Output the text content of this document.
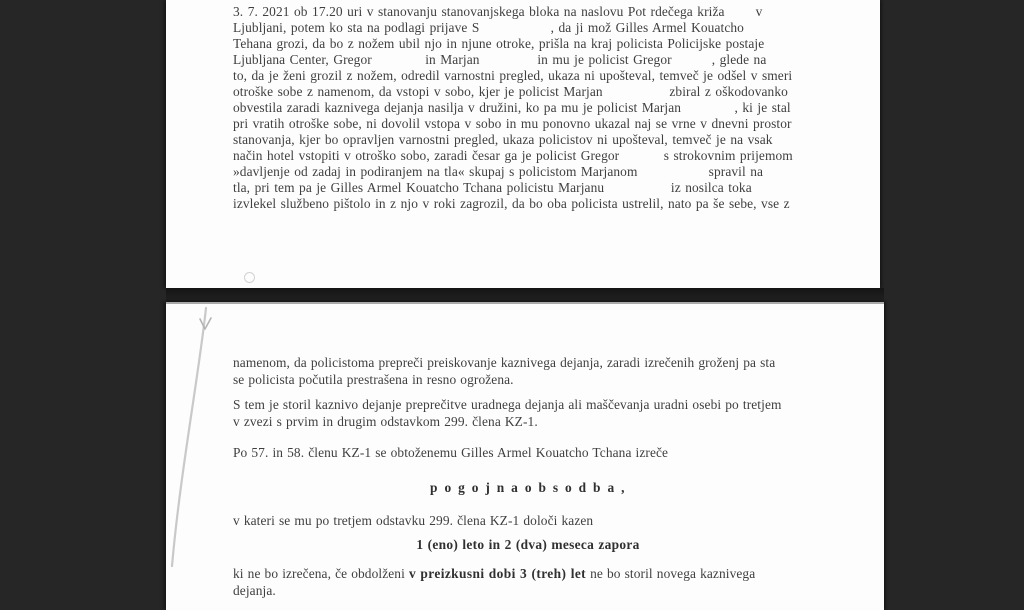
3. 7. 2021 ob 17.20 uri v stanovanju stanovanjskega bloka na naslovu Pot rdečega križa       v
Ljubljani, potem ko sta na podlagi prijave S                , da ji mož Gilles Armel Kouatcho
Tehana grozi, da bo z nožem ubil njo in njune otroke, prišla na kraj policista Policijske postaje
Ljubljana Center, Gregor            in Marjan             in mu je policist Gregor         , glede na
to, da je ženi grozil z nožem, odredil varnostni pregled, ukaza ni upošteval, temveč je odšel v smeri
otroške sobe z namenom, da vstopi v sobo, kjer je policist Marjan               zbiral z oškodovanko
obvestila zaradi kaznivega dejanja nasilja v družini, ko pa mu je policist Marjan            , ki je stal
pri vratih otroške sobe, ni dovolil vstopa v sobo in mu ponovno ukazal naj se vrne v dnevni prostor
stanovanja, kjer bo opravljen varnostni pregled, ukaza policistov ni upošteval, temveč je na vsak
način hotel vstopiti v otroško sobo, zaradi česar ga je policist Gregor          s strokovnim prijemom
»davljenje od zadaj in podiranjem na tla« skupaj s policistom Marjanom                spravil na
tla, pri tem pa je Gilles Armel Kouatcho Tchana policistu Marjanu               iz nosilca toka
izvlekel službeno pištolo in z njo v roki zagrozil, da bo oba policista ustrelil, nato pa še sebe, vse z

namenom, da policistoma prepreči preiskovanje kaznivega dejanja, zaradi izrečenih groženj pa sta

se policista počutila prestrašena in resno ogrožena.

S tem je storil kaznivo dejanje preprečitve uradnega dejanja ali maščevanja uradni osebi po tretjem

v zvezi s prvim in drugim odstavkom 299. člena KZ-1.

Po 57. in 58. členu KZ-1 se obtoženemu Gilles Armel Kouatcho Tchana izreče

p o g o j n a o b s o d b a ,

v kateri se mu po tretjem odstavku 299. člena KZ-1 določi kazen

1 (eno) leto in 2 (dva) meseca zapora

ki ne bo izrečena, če obdolženi v preizkusni dobi 3 (treh) let ne bo storil novega kaznivega

dejanja.
